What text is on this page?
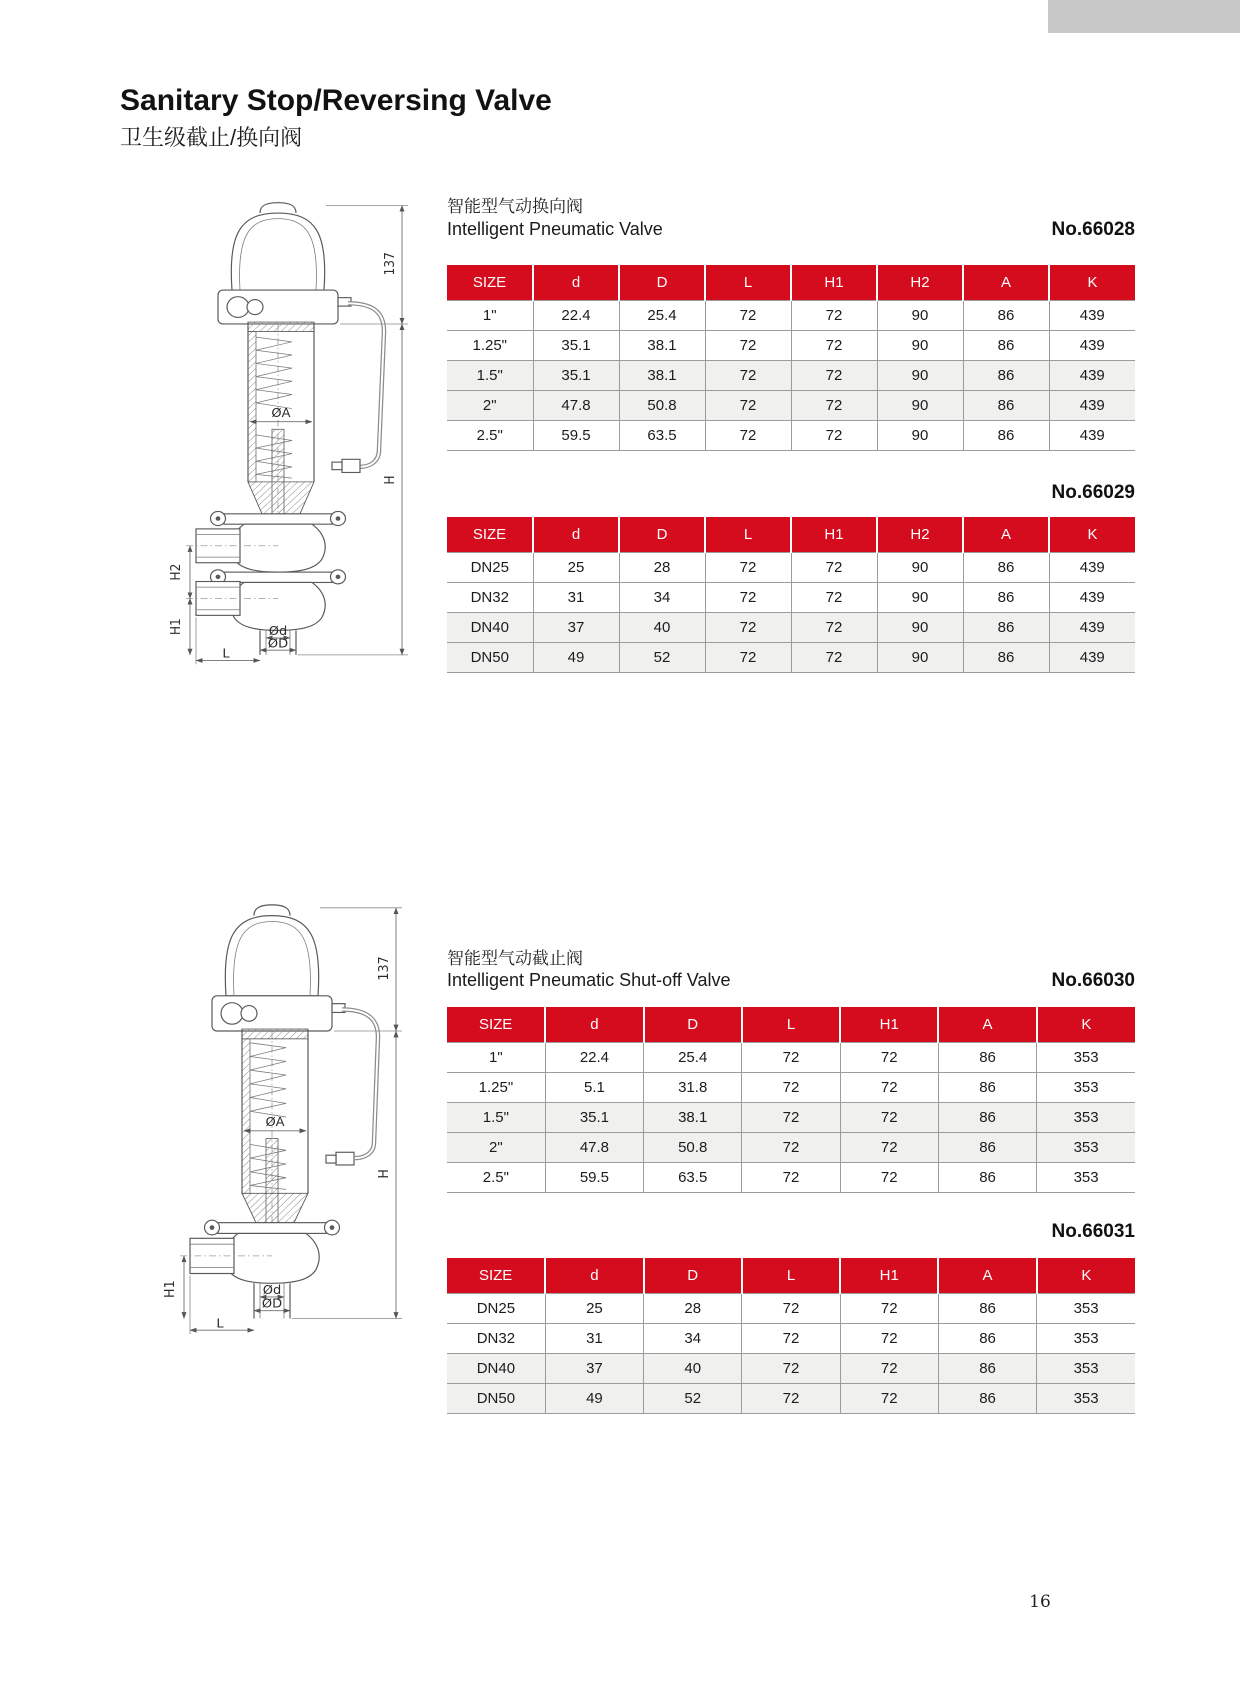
Sanitary Stop/Reversing Valve
卫生级截止/换向阀
ØA
Ød
ØD
L
H2
H1
137
H
ØA
Ød
ØD
L
H1
137
H
智能型气动换向阀
Intelligent Pneumatic Valve	No.66028
SIZE	d	D	L	H1	H2	A	K
1"	22.4	25.4	72	72	90	86	439
1.25"	35.1	38.1	72	72	90	86	439
1.5"	35.1	38.1	72	72	90	86	439
2"	47.8	50.8	72	72	90	86	439
2.5"	59.5	63.5	72	72	90	86	439
No.66029
SIZE	d	D	L	H1	H2	A	K
DN25	25	28	72	72	90	86	439
DN32	31	34	72	72	90	86	439
DN40	37	40	72	72	90	86	439
DN50	49	52	72	72	90	86	439
智能型气动截止阀
Intelligent Pneumatic Shut-off Valve	No.66030
SIZE	d	D	L	H1	A	K
1"	22.4	25.4	72	72	86	353
1.25"	5.1	31.8	72	72	86	353
1.5"	35.1	38.1	72	72	86	353
2"	47.8	50.8	72	72	86	353
2.5"	59.5	63.5	72	72	86	353
No.66031
SIZE	d	D	L	H1	A	K
DN25	25	28	72	72	86	353
DN32	31	34	72	72	86	353
DN40	37	40	72	72	86	353
DN50	49	52	72	72	86	353
16
